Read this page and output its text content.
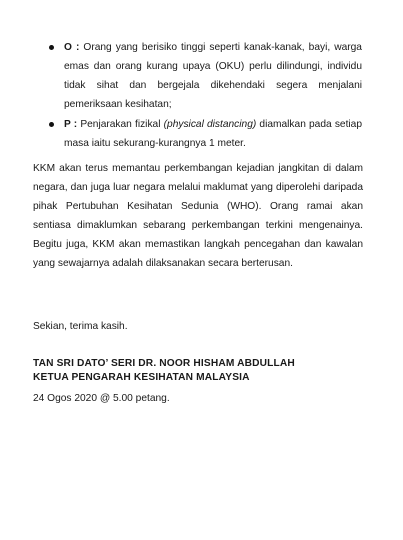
O : Orang yang berisiko tinggi seperti kanak-kanak, bayi, warga emas dan orang kurang upaya (OKU) perlu dilindungi, individu tidak sihat dan bergejala dikehendaki segera menjalani pemeriksaan kesihatan;
P : Penjarakan fizikal (physical distancing) diamalkan pada setiap masa iaitu sekurang-kurangnya 1 meter.

KKM akan terus memantau perkembangan kejadian jangkitan di dalam negara, dan juga luar negara melalui maklumat yang diperolehi daripada pihak Pertubuhan Kesihatan Sedunia (WHO). Orang ramai akan sentiasa dimaklumkan sebarang perkembangan terkini mengenainya. Begitu juga, KKM akan memastikan langkah pencegahan dan kawalan yang sewajarnya adalah dilaksanakan secara berterusan.

Sekian, terima kasih.

TAN SRI DATO’ SERI DR. NOOR HISHAM ABDULLAH
KETUA PENGARAH KESIHATAN MALAYSIA
24 Ogos 2020 @ 5.00 petang.
